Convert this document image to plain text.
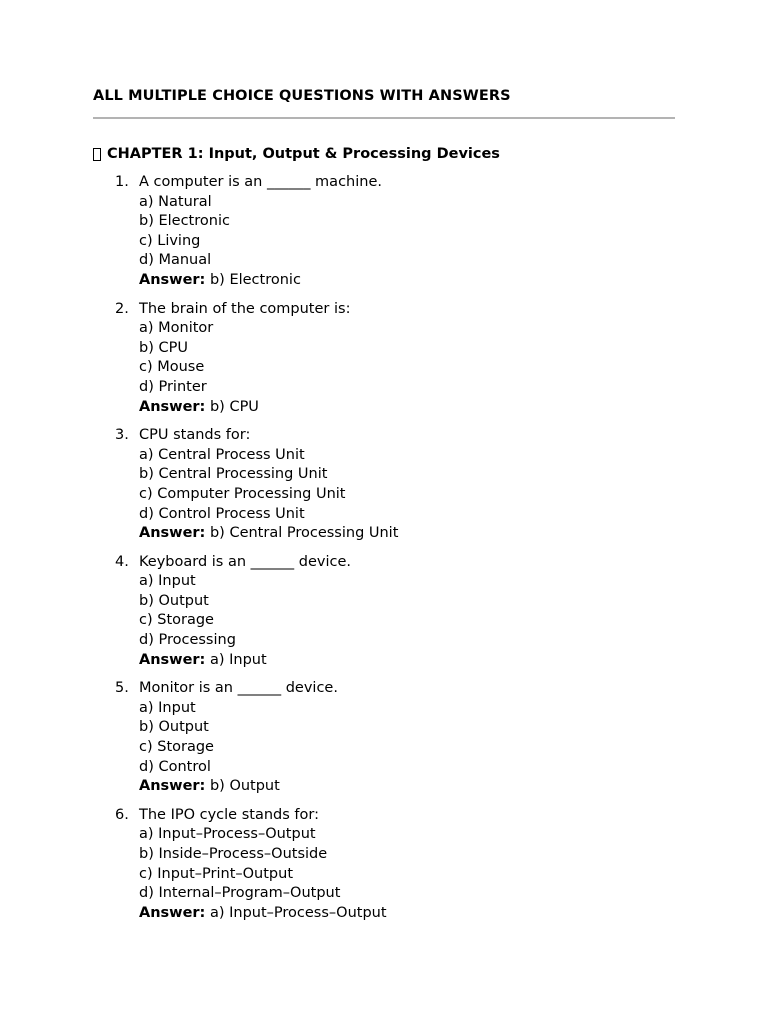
ALL MULTIPLE CHOICE QUESTIONS WITH ANSWERS
CHAPTER 1: Input, Output & Processing Devices
1. A computer is an ______ machine.
a) Natural
b) Electronic
c) Living
d) Manual
Answer: b) Electronic
2. The brain of the computer is:
a) Monitor
b) CPU
c) Mouse
d) Printer
Answer: b) CPU
3. CPU stands for:
a) Central Process Unit
b) Central Processing Unit
c) Computer Processing Unit
d) Control Process Unit
Answer: b) Central Processing Unit
4. Keyboard is an ______ device.
a) Input
b) Output
c) Storage
d) Processing
Answer: a) Input
5. Monitor is an ______ device.
a) Input
b) Output
c) Storage
d) Control
Answer: b) Output
6. The IPO cycle stands for:
a) Input–Process–Output
b) Inside–Process–Outside
c) Input–Print–Output
d) Internal–Program–Output
Answer: a) Input–Process–Output
